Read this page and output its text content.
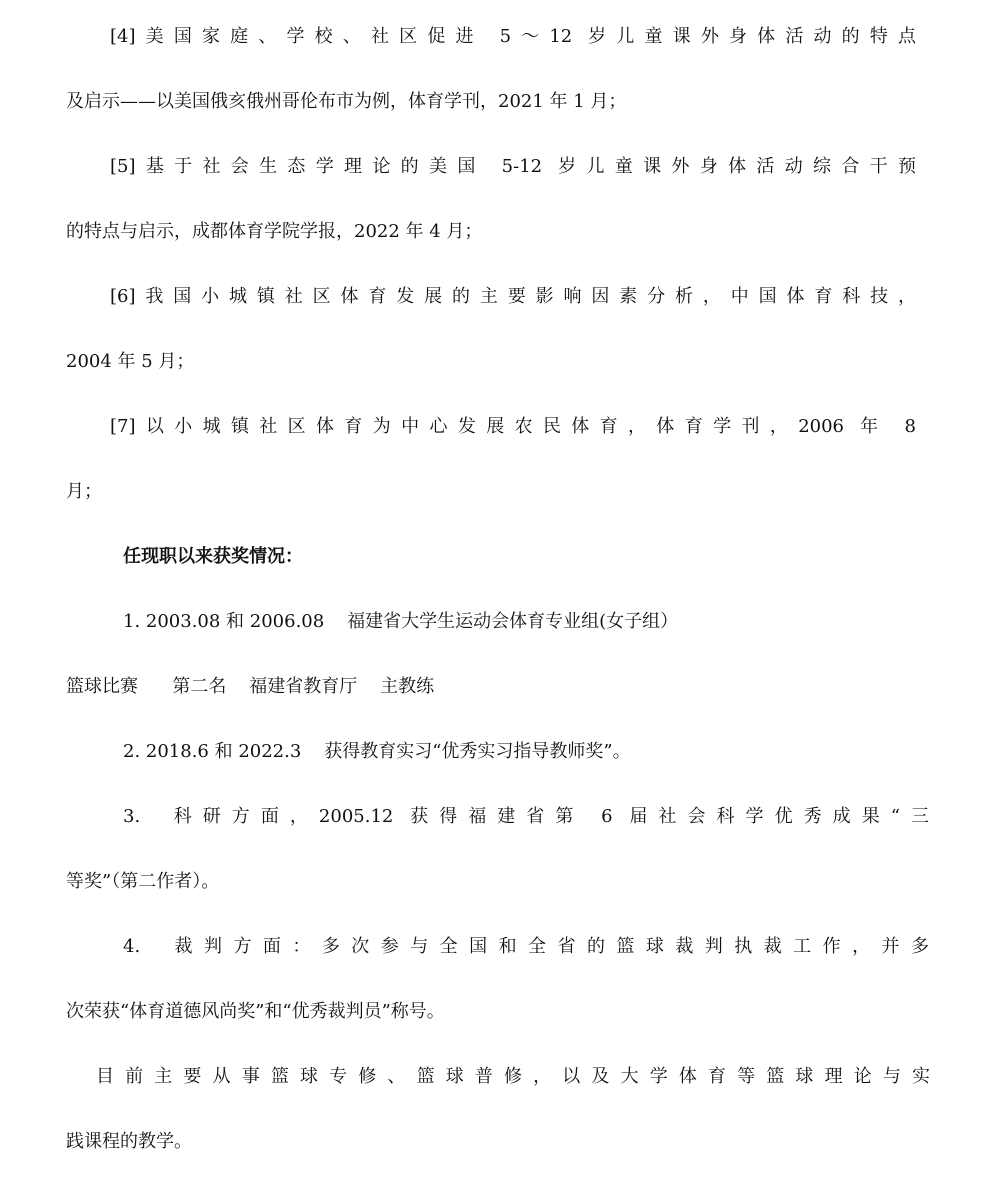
[4]美国家庭、学校、社区促进 5～12 岁儿童课外身体活动的特点
及启示——以美国俄亥俄州哥伦布市为例，体育学刊，2021 年 1 月；
[5]基于社会生态学理论的美国 5-12 岁儿童课外身体活动综合干预
的特点与启示，成都体育学院学报，2022 年 4 月；
[6]我国小城镇社区体育发展的主要影响因素分析，中国体育科技，
2004 年 5 月；
[7]以小城镇社区体育为中心发展农民体育，体育学刊，2006 年 8
月；
任现职以来获奖情况：
1. 2003.08 和 2006.08    福建省大学生运动会体育专业组(女子组）
篮球比赛      第二名    福建省教育厅    主教练
2. 2018.6 和 2022.3    获得教育实习“优秀实习指导教师奖”。
3.  科研方面，2005.12 获得福建省第 6 届社会科学优秀成果“三
等奖”（第二作者）。
4.  裁判方面：多次参与全国和全省的篮球裁判执裁工作，并多
次荣获“体育道德风尚奖”和“优秀裁判员”称号。
目前主要从事篮球专修、篮球普修，以及大学体育等篮球理论与实
践课程的教学。
